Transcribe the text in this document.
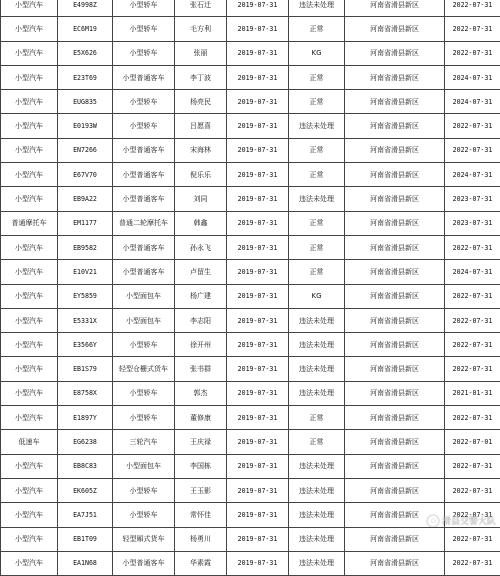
小型汽车	E4998Z	小型轿车	张石迁	2019-07-31	违法未处理	河南省滑县新区	2022-07-31
小型汽车	EC6M19	小型轿车	毛方利	2019-07-31	正常	河南省滑县新区	2022-07-31
小型汽车	E5X626	小型轿车	张丽	2019-07-31	KG	河南省滑县新区	2022-07-31
小型汽车	E23T69	小型普通客车	李丁波	2019-07-31	正常	河南省滑县新区	2024-07-31
小型汽车	EUG835	小型轿车	杨亮民	2019-07-31	正常	河南省滑县新区	2024-07-31
小型汽车	E0193W	小型轿车	吕愿喜	2019-07-31	违法未处理	河南省滑县新区	2022-07-31
小型汽车	EN7266	小型普通客车	宋海林	2019-07-31	正常	河南省滑县新区	2022-07-31
小型汽车	E67V70	小型普通客车	倪乐乐	2019-07-31	正常	河南省滑县新区	2024-07-31
小型汽车	EB9A22	小型普通客车	刘同	2019-07-31	违法未处理	河南省滑县新区	2023-07-31
普通摩托车	EM1177	普通二轮摩托车	韩鑫	2019-07-31	正常	河南省滑县新区	2023-07-31
小型汽车	EB9582	小型普通客车	孙永飞	2019-07-31	正常	河南省滑县新区	2022-07-31
小型汽车	E10V21	小型普通客车	卢留生	2019-07-31	正常	河南省滑县新区	2024-07-31
小型汽车	EY5859	小型面包车	杨广建	2019-07-31	KG	河南省滑县新区	2022-07-31
小型汽车	E5331X	小型面包车	李志阳	2019-07-31	违法未处理	河南省滑县新区	2022-07-31
小型汽车	E3566Y	小型轿车	徐开州	2019-07-31	违法未处理	河南省滑县新区	2022-07-31
小型汽车	EB1S79	轻型仓栅式货车	张书群	2019-07-31	违法未处理	河南省滑县新区	2022-07-31
小型汽车	E8758X	小型轿车	郭杰	2019-07-31	违法未处理	河南省滑县新区	2021-01-31
小型汽车	E1897Y	小型轿车	董修康	2019-07-31	正常	河南省滑县新区	2022-07-31
低速车	EG6238	三轮汽车	王庆禄	2019-07-31	正常	河南省滑县新区	2022-07-01
小型汽车	EB8C83	小型面包车	李国栋	2019-07-31	违法未处理	河南省滑县新区	2022-07-31
小型汽车	EK605Z	小型轿车	王玉影	2019-07-31	违法未处理	河南省滑县新区	2022-07-31
小型汽车	EA7J51	小型轿车	常怀佳	2019-07-31	违法未处理	河南省滑县新区	2022-07-31
小型汽车	EB1T09	轻型厢式货车	杨勇川	2019-07-31	违法未处理	河南省滑县新区	2022-07-31
小型汽车	EA1N68	小型普通客车	华素霞	2019-07-31	违法未处理	河南省滑县新区	2022-07-31
滑县交警大队
